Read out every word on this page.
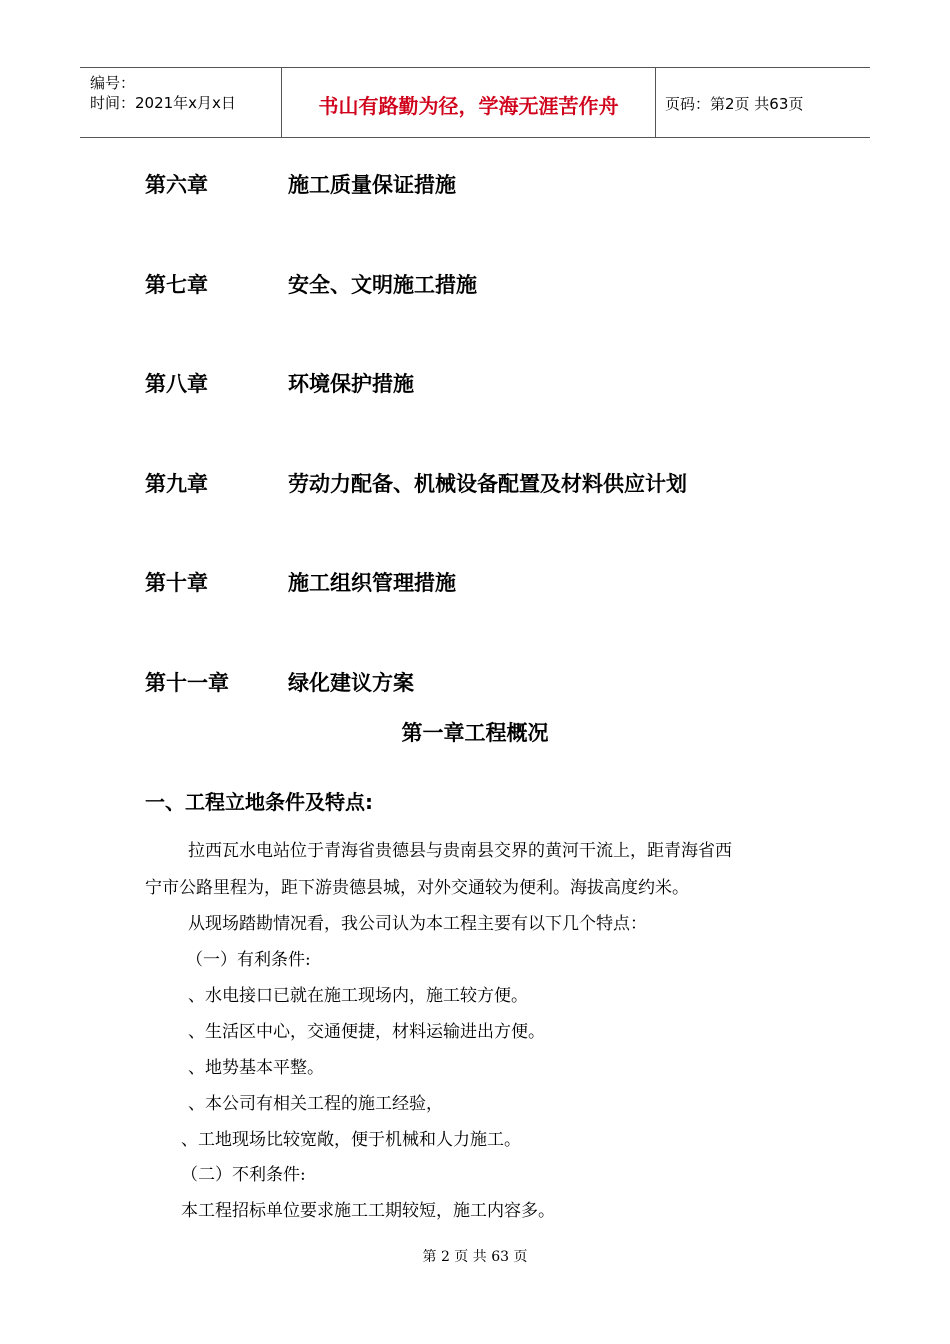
编号：
时间：2021年x月x日	书山有路勤为径，学海无涯苦作舟	页码：第2页 共63页
第六章	施工质量保证措施
第七章	安全、文明施工措施
第八章	环境保护措施
第九章	劳动力配备、机械设备配置及材料供应计划
第十章	施工组织管理措施
第十一章	绿化建议方案
第一章工程概况
一、工程立地条件及特点:
拉西瓦水电站位于青海省贵德县与贵南县交界的黄河干流上，距青海省西
宁市公路里程为，距下游贵德县城，对外交通较为便利。海拔高度约米。
从现场踏勘情况看，我公司认为本工程主要有以下几个特点：
（一）有利条件:
、水电接口已就在施工现场内，施工较方便。
、生活区中心，交通便捷，材料运输进出方便。
、地势基本平整。
、本公司有相关工程的施工经验，
、工地现场比较宽敞，便于机械和人力施工。
（二）不利条件:
本工程招标单位要求施工工期较短，施工内容多。
第 2 页 共 63 页
